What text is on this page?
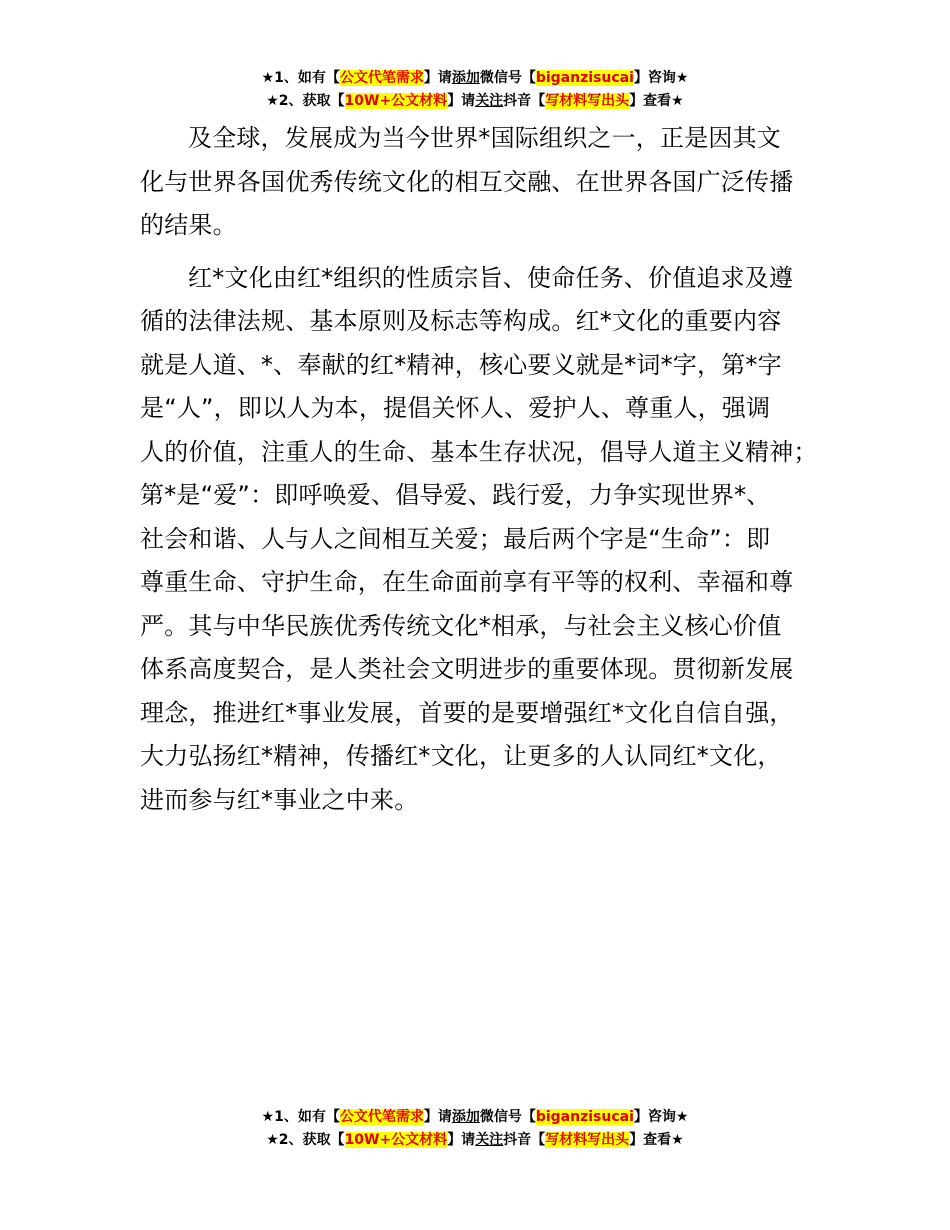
★1、如有【公文代笔需求】请添加微信号【biganzisucai】咨询★
★2、获取【10W+公文材料】请关注抖音【写材料写出头】查看★
及全球，发展成为当今世界*国际组织之一，正是因其文
化与世界各国优秀传统文化的相互交融、在世界各国广泛传播
的结果。
红*文化由红*组织的性质宗旨、使命任务、价值追求及遵
循的法律法规、基本原则及标志等构成。红*文化的重要内容
就是人道、*、奉献的红*精神，核心要义就是*词*字，第*字
是“人”，即以人为本，提倡关怀人、爱护人、尊重人，强调
人的价值，注重人的生命、基本生存状况，倡导人道主义精神；
第*是“爱”：即呼唤爱、倡导爱、践行爱，力争实现世界*、
社会和谐、人与人之间相互关爱；最后两个字是“生命”：即
尊重生命、守护生命，在生命面前享有平等的权利、幸福和尊
严。其与中华民族优秀传统文化*相承，与社会主义核心价值
体系高度契合，是人类社会文明进步的重要体现。贯彻新发展
理念，推进红*事业发展，首要的是要增强红*文化自信自强，
大力弘扬红*精神，传播红*文化，让更多的人认同红*文化，
进而参与红*事业之中来。
★1、如有【公文代笔需求】请添加微信号【biganzisucai】咨询★
★2、获取【10W+公文材料】请关注抖音【写材料写出头】查看★
